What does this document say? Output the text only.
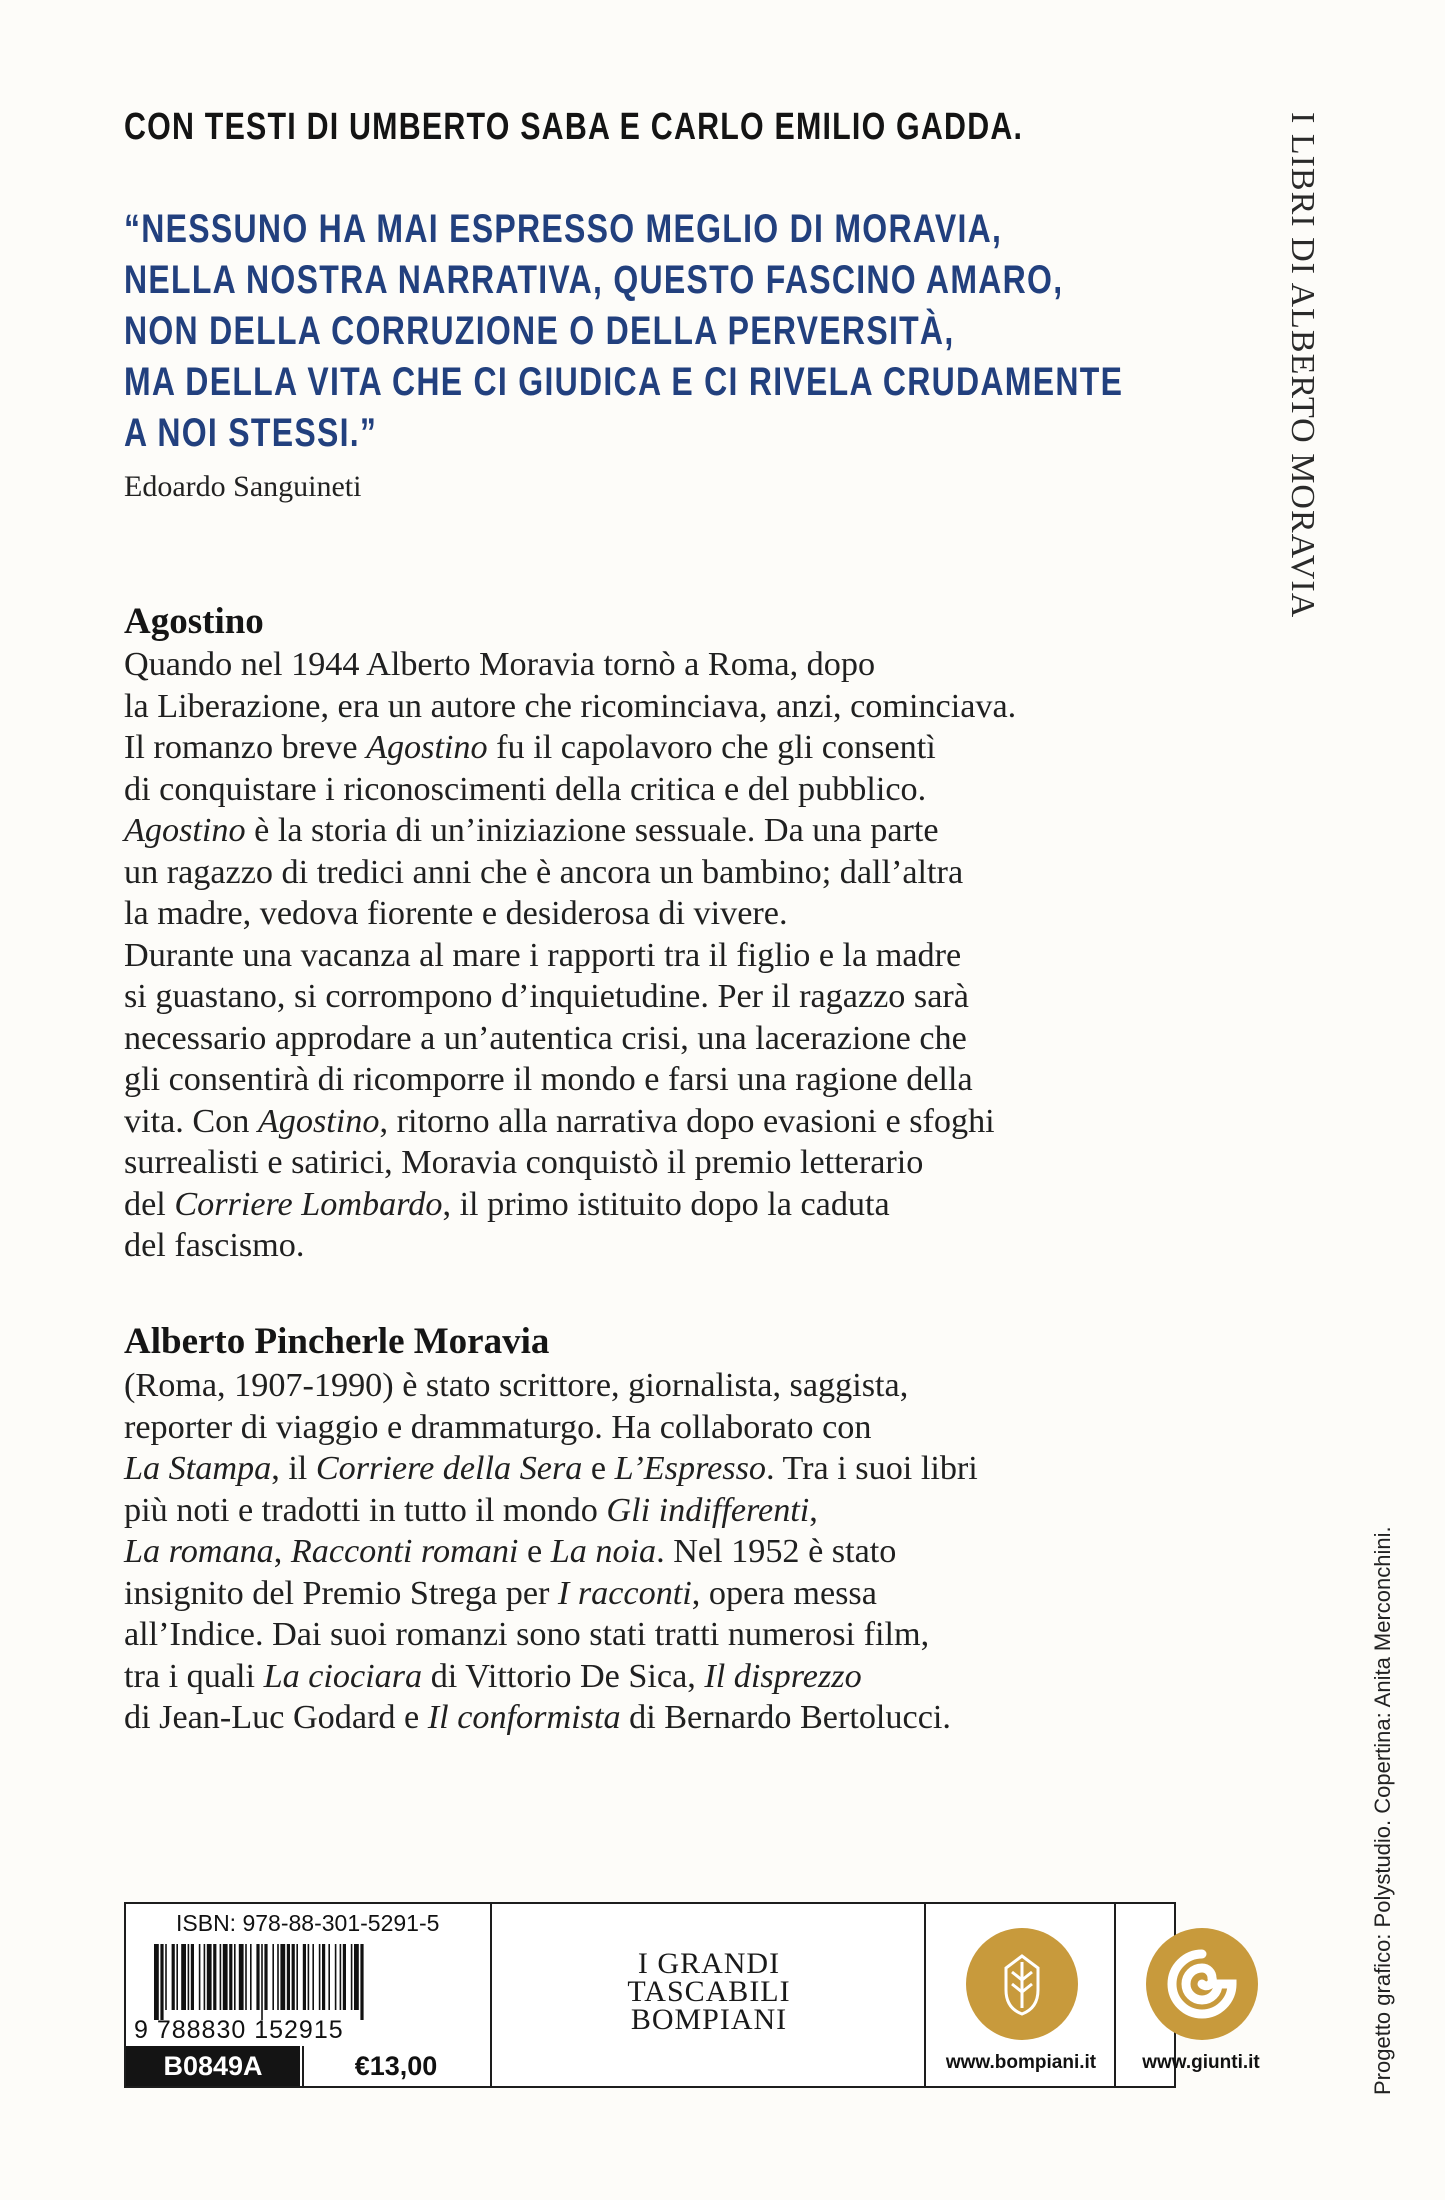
CON TESTI DI UMBERTO SABA E CARLO EMILIO GADDA.
“NESSUNO HA MAI ESPRESSO MEGLIO DI MORAVIA,
NELLA NOSTRA NARRATIVA, QUESTO FASCINO AMARO,
NON DELLA CORRUZIONE O DELLA PERVERSITÀ,
MA DELLA VITA CHE CI GIUDICA E CI RIVELA CRUDAMENTE
A NOI STESSI.”
Edoardo Sanguineti
Agostino
Quando nel 1944 Alberto Moravia tornò a Roma, dopo
la Liberazione, era un autore che ricominciava, anzi, cominciava.
Il romanzo breve Agostino fu il capolavoro che gli consentì
di conquistare i riconoscimenti della critica e del pubblico.
Agostino è la storia di un’iniziazione sessuale. Da una parte
un ragazzo di tredici anni che è ancora un bambino; dall’altra
la madre, vedova fiorente e desiderosa di vivere.
Durante una vacanza al mare i rapporti tra il figlio e la madre
si guastano, si corrompono d’inquietudine. Per il ragazzo sarà
necessario approdare a un’autentica crisi, una lacerazione che
gli consentirà di ricomporre il mondo e farsi una ragione della
vita. Con Agostino, ritorno alla narrativa dopo evasioni e sfoghi
surrealisti e satirici, Moravia conquistò il premio letterario
del Corriere Lombardo, il primo istituito dopo la caduta
del fascismo.
Alberto Pincherle Moravia
(Roma, 1907-1990) è stato scrittore, giornalista, saggista,
reporter di viaggio e drammaturgo. Ha collaborato con
La Stampa, il Corriere della Sera e L’Espresso. Tra i suoi libri
più noti e tradotti in tutto il mondo Gli indifferenti,
La romana, Racconti romani e La noia. Nel 1952 è stato
insignito del Premio Strega per I racconti, opera messa
all’Indice. Dai suoi romanzi sono stati tratti numerosi film,
tra i quali La ciociara di Vittorio De Sica, Il disprezzo
di Jean-Luc Godard e Il conformista di Bernardo Bertolucci.
I LIBRI DI ALBERTO MORAVIA
Progetto grafico: Polystudio. Copertina: Anita Merconchini.
ISBN: 978-88-301-5291-5
9 788830 152915
B0849A	€13,00
I GRANDI
TASCABILI
BOMPIANI
www.bompiani.it	www.giunti.it
